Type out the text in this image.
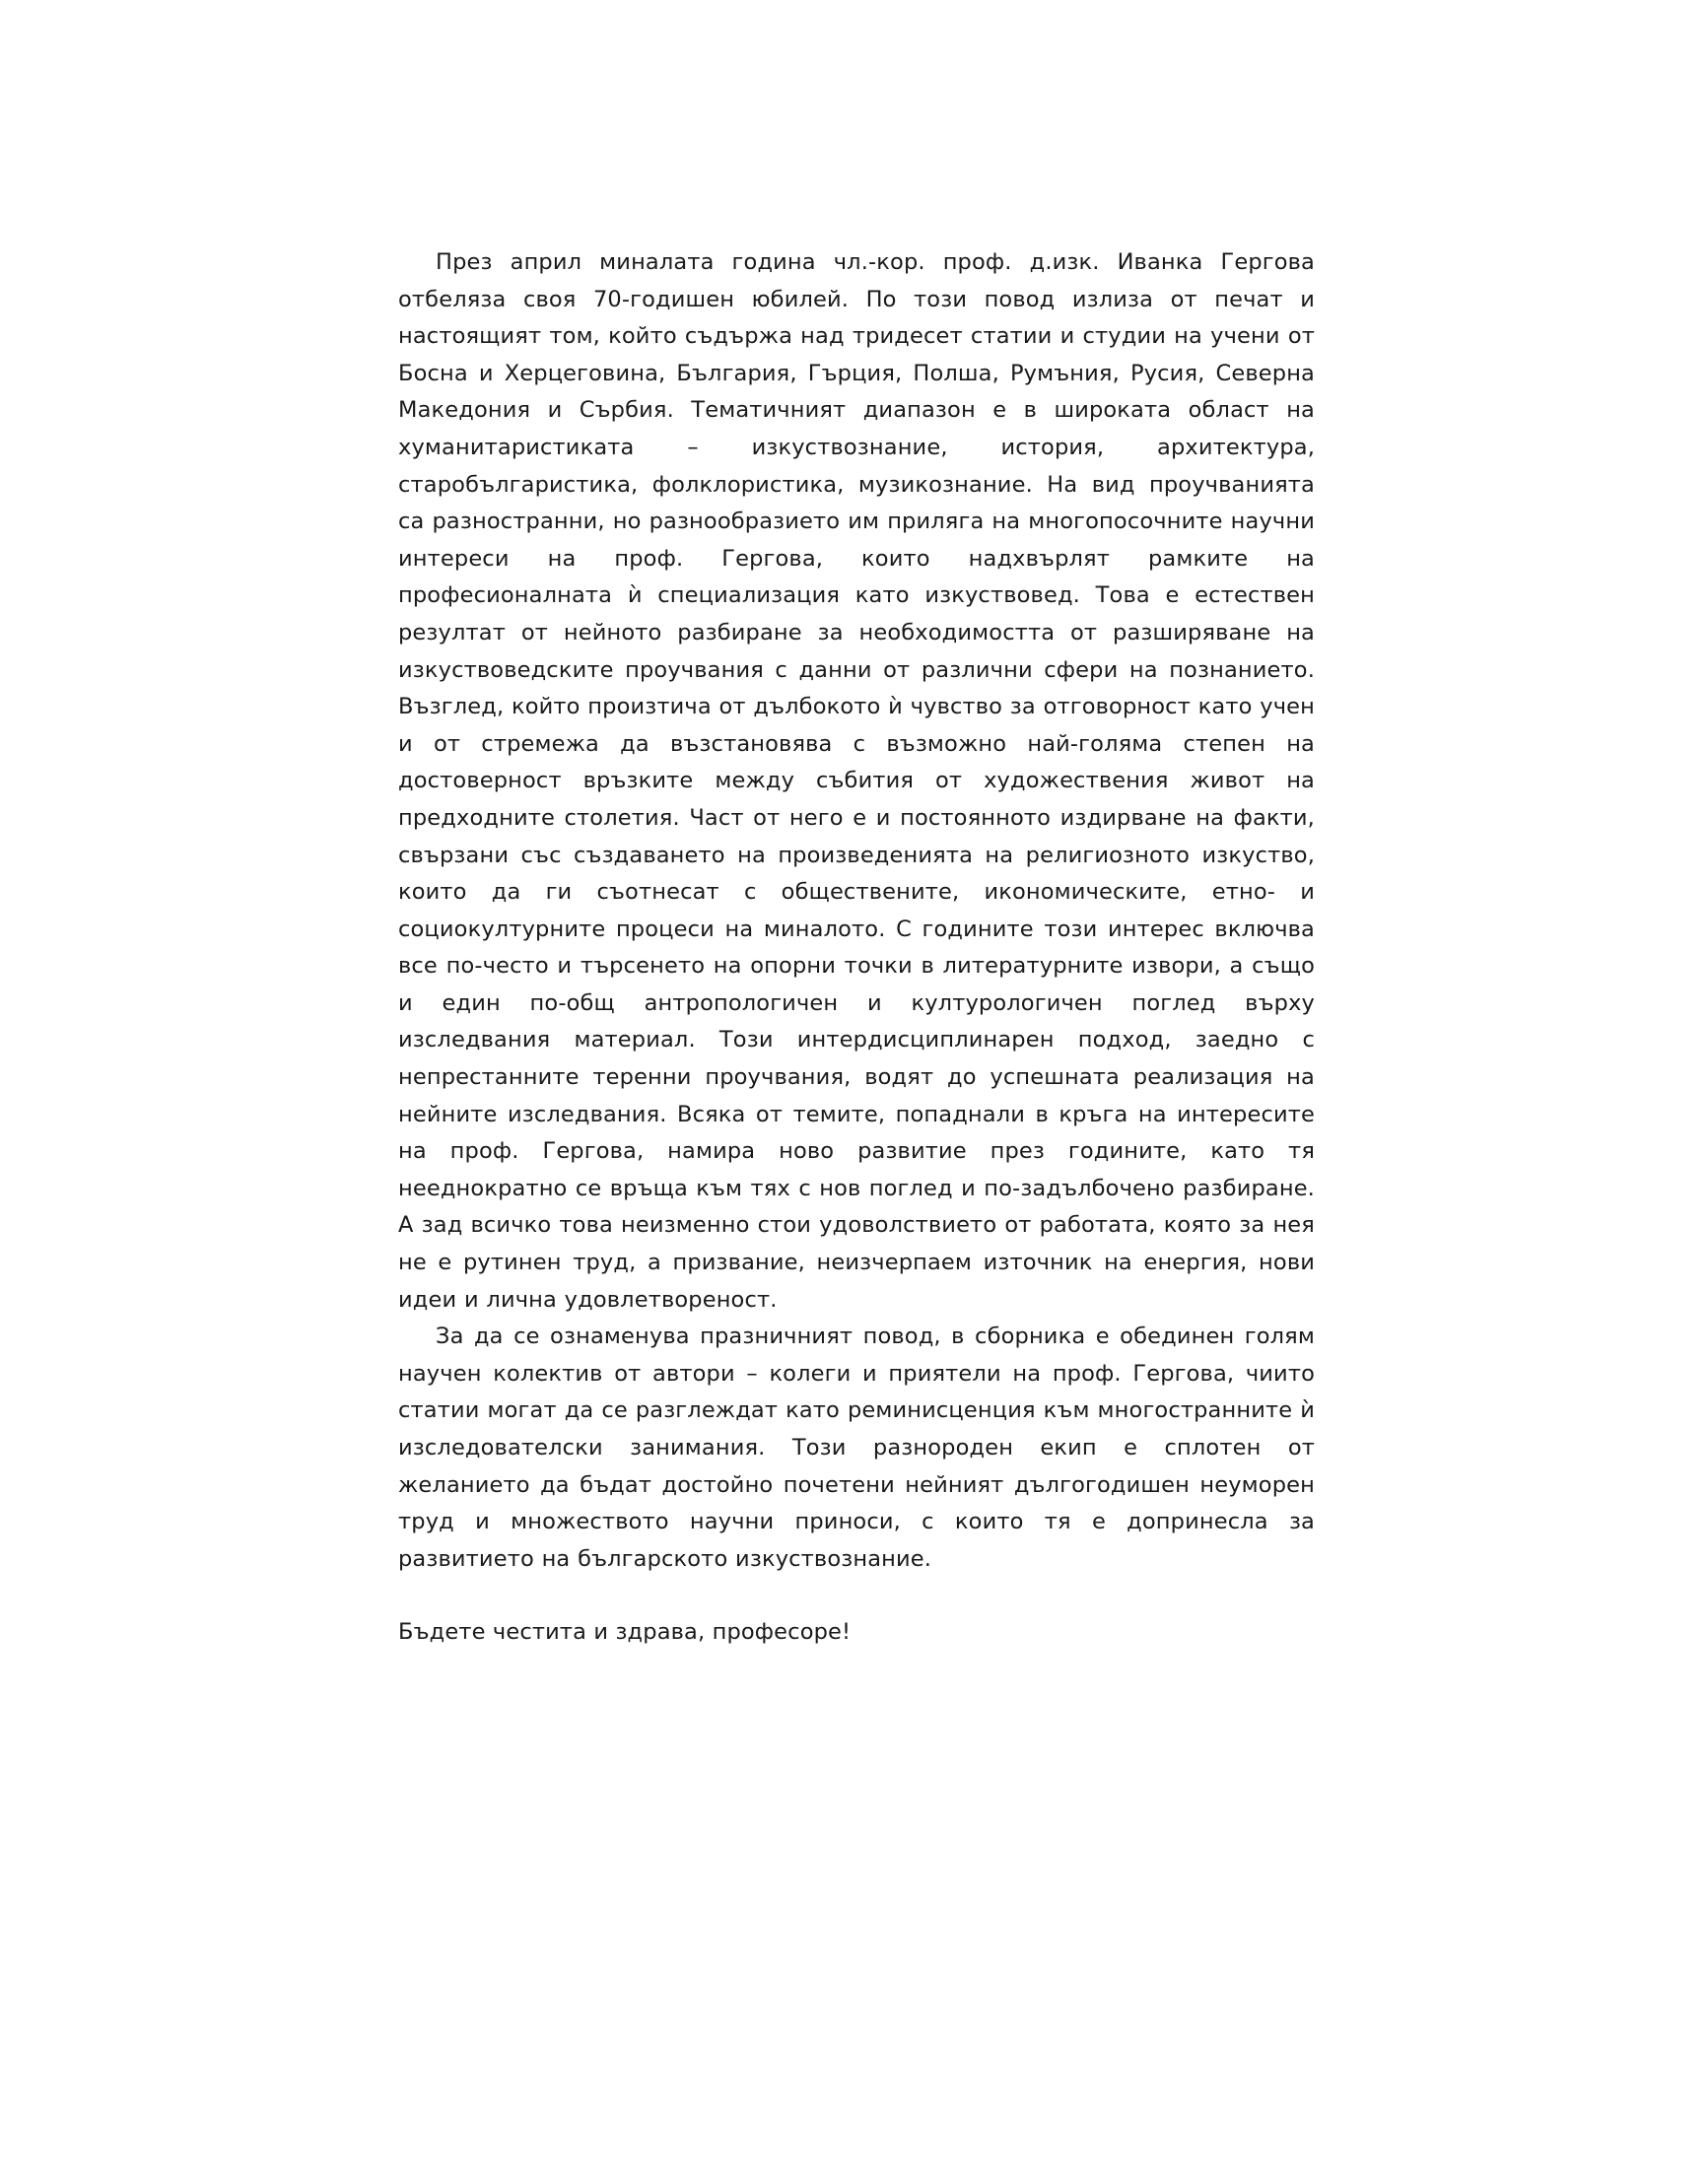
През април миналата година чл.-кор. проф. д.изк. Иванка Гергова отбеляза своя 70-годишен юбилей. По този повод излиза от печат и настоящият том, който съдържа над тридесет статии и студии на учени от Босна и Херцеговина, България, Гърция, Полша, Румъния, Русия, Северна Македония и Сърбия. Тематичният диапазон е в широката област на хуманитаристиката – изкуствознание, история, архитектура, старобългаристика, фолклористика, музикознание. На вид проучванията са разностранни, но разнообразието им приляга на многопосочните научни интереси на проф. Гергова, които надхвърлят рамките на професионалната ѝ специализация като изкуствовед. Това е естествен резултат от нейното разбиране за необходимостта от разширяване на изкуствоведските проучвания с данни от различни сфери на познанието. Възглед, който произтича от дълбокото ѝ чувство за отговорност като учен и от стремежа да възстановява с възможно най-голяма степен на достоверност връзките между събития от художествения живот на предходните столетия. Част от него е и постоянното издирване на факти, свързани със създаването на произведенията на религиозното изкуство, които да ги съотнесат с обществените, икономическите, етно- и социокултурните процеси на миналото. С годините този интерес включва все по-често и търсенето на опорни точки в литературните извори, а също и един по-общ антропологичен и културологичен поглед върху изследвания материал. Този интердисциплинарен подход, заедно с непрестанните теренни проучвания, водят до успешната реализация на нейните изследвания. Всяка от темите, попаднали в кръга на интересите на проф. Гергова, намира ново развитие през годините, като тя нееднократно се връща към тях с нов поглед и по-задълбочено разбиране. А зад всичко това неизменно стои удоволствието от работата, която за нея не е рутинен труд, а призвание, неизчерпаем източник на енергия, нови идеи и лична удовлетвореност.

За да се ознаменува празничният повод, в сборника е обединен голям научен колектив от автори – колеги и приятели на проф. Гергова, чиито статии могат да се разглеждат като реминисценция към многостранните ѝ изследователски занимания. Този разнороден екип е сплотен от желанието да бъдат достойно почетени нейният дългогодишен неуморен труд и множеството научни приноси, с които тя е допринесла за развитието на българското изкуствознание.

Бъдете честита и здрава, професоре!
